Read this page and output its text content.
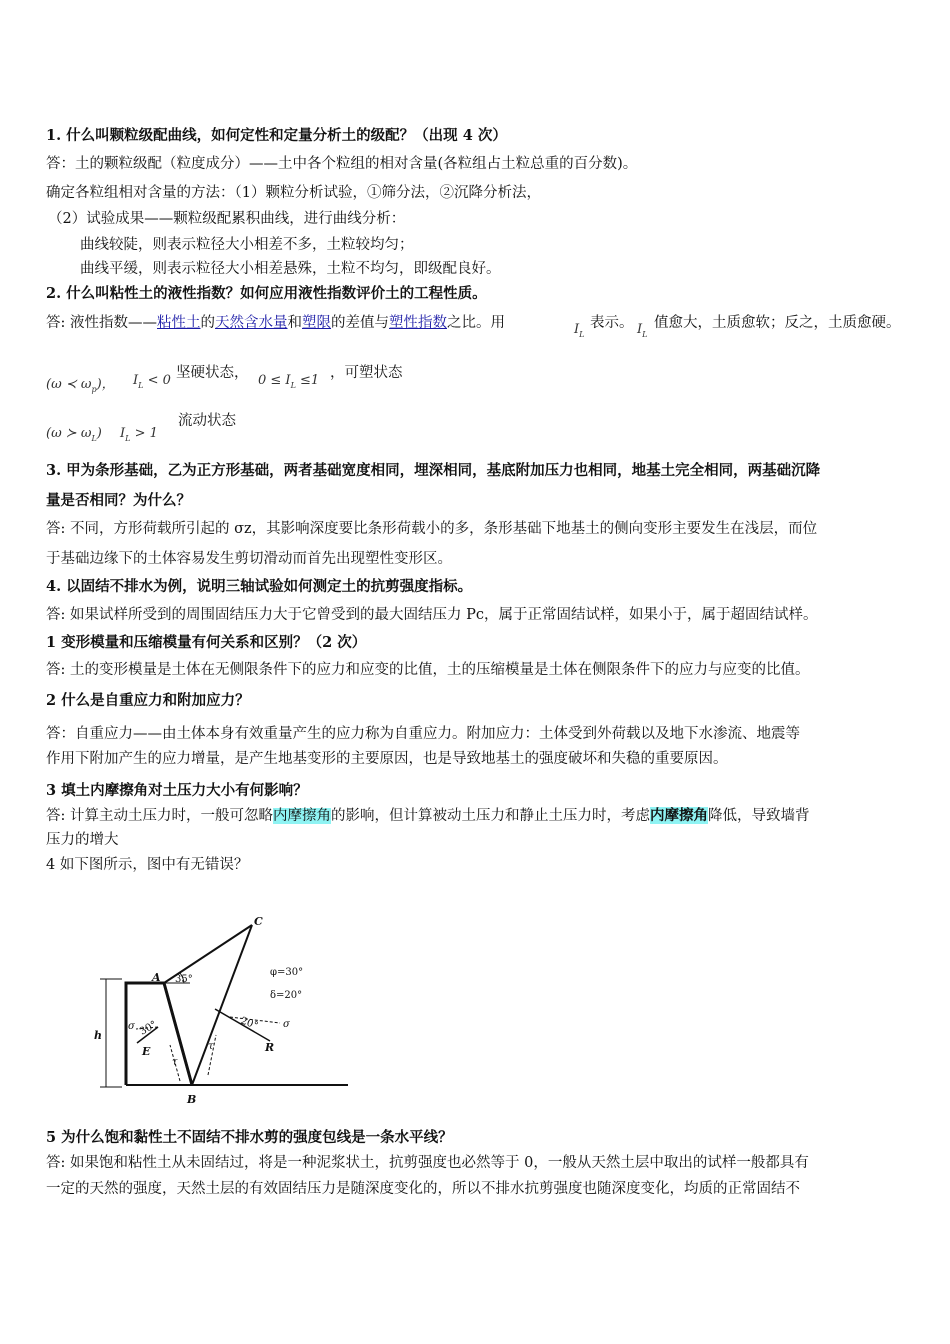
1. 什么叫颗粒级配曲线，如何定性和定量分析土的级配？（出现 4 次）
答：土的颗粒级配（粒度成分）——土中各个粒组的相对含量(各粒组占土粒总重的百分数)。
确定各粒组相对含量的方法：（1）颗粒分析试验，①筛分法，②沉降分析法，
（2）试验成果——颗粒级配累积曲线，进行曲线分析：
曲线较陡，则表示粒径大小相差不多，土粒较均匀；
曲线平缓，则表示粒径大小相差悬殊，土粒不均匀，即级配良好。
2. 什么叫粘性土的液性指数？如何应用液性指数评价土的工程性质。
答: 液性指数——粘性土的天然含水量和塑限的差值与塑性指数之比。用	$I_L$
表示。 $I_L$
值愈大，土质愈软；反之，土质愈硬。
(ω ≺ $\omega_p$)， $I_L < 0$ 坚硬状态， $0 \le I_L \le 1$ ，可塑状态
(ω ≻ $\omega_L$) $I_L > 1$
流动状态
3. 甲为条形基础，乙为正方形基础，两者基础宽度相同，埋深相同，基底附加压力也相同，地基土完全相同，两基础沉降
量是否相同？为什么？
答: 不同，方形荷载所引起的 σz，其影响深度要比条形荷载小的多，条形基础下地基土的侧向变形主要发生在浅层，而位
于基础边缘下的土体容易发生剪切滑动而首先出现塑性变形区。
4. 以固结不排水为例，说明三轴试验如何测定土的抗剪强度指标。
答: 如果试样所受到的周围固结压力大于它曾受到的最大固结压力 Pc，属于正常固结试样，如果小于，属于超固结试样。
1 变形模量和压缩模量有何关系和区别？（2 次）
答: 土的变形模量是土体在无侧限条件下的应力和应变的比值，土的压缩模量是土体在侧限条件下的应力与应变的比值。
2 什么是自重应力和附加应力？
答：自重应力——由土体本身有效重量产生的应力称为自重应力。附加应力：土体受到外荷载以及地下水渗流、地震等
作用下附加产生的应力增量，是产生地基变形的主要原因，也是导致地基土的强度破坏和失稳的重要原因。
3 填土内摩擦角对土压力大小有何影响？
答: 计算主动土压力时，一般可忽略内摩擦角的影响，但计算被动土压力和静止土压力时，考虑内摩擦角降低，导致墙背
压力的增大
4 如下图所示，图中有无错误？
A
B
C
E	R
h
35°
30°	20°
φ=30°
δ=20°
σ	σ
τ
τ
5 为什么饱和黏性土不固结不排水剪的强度包线是一条水平线？
答: 如果饱和粘性土从未固结过，将是一种泥浆状土，抗剪强度也必然等于 0，一般从天然土层中取出的试样一般都具有
一定的天然的强度，天然土层的有效固结压力是随深度变化的，所以不排水抗剪强度也随深度变化，均质的正常固结不
